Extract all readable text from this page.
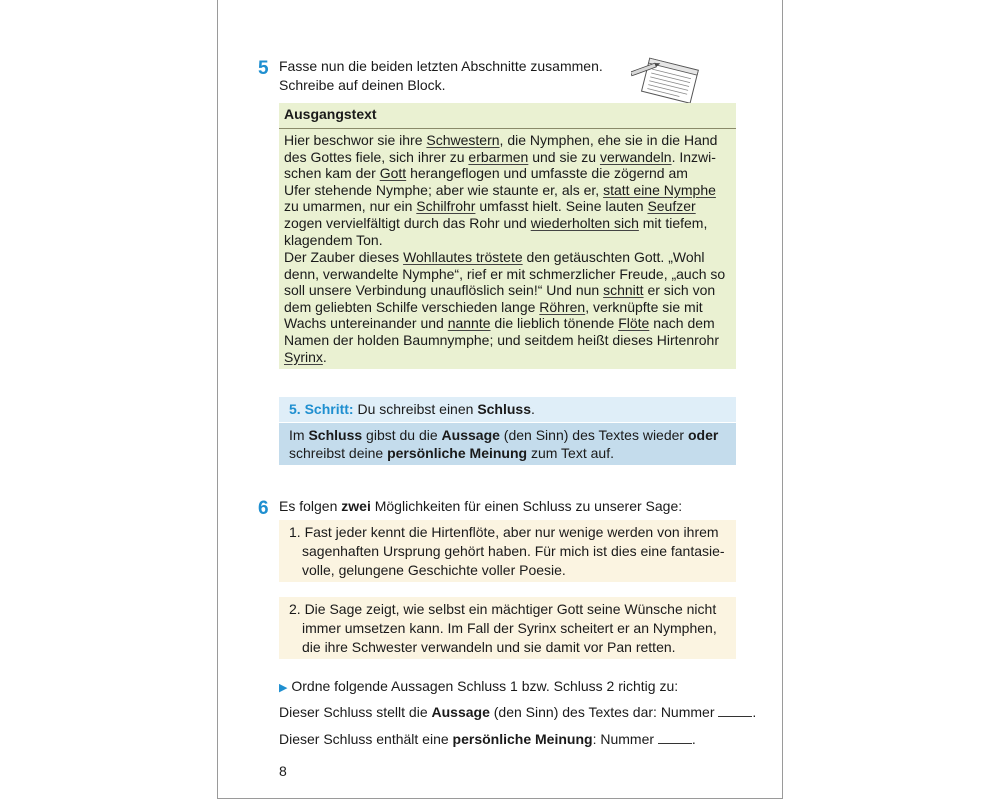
5 Fasse nun die beiden letzten Abschnitte zusammen.
Schreibe auf deinen Block.
Ausgangstext
Hier beschwor sie ihre Schwestern, die Nymphen, ehe sie in die Hand
des Gottes fiele, sich ihrer zu erbarmen und sie zu verwandeln. Inzwi-
schen kam der Gott herangeflogen und umfasste die zögernd am
Ufer stehende Nymphe; aber wie staunte er, als er, statt eine Nymphe
zu umarmen, nur ein Schilfrohr umfasst hielt. Seine lauten Seufzer
zogen vervielfältigt durch das Rohr und wiederholten sich mit tiefem,
klagendem Ton.
Der Zauber dieses Wohllautes tröstete den getäuschten Gott. „Wohl
denn, verwandelte Nymphe“, rief er mit schmerzlicher Freude, „auch so
soll unsere Verbindung unauflöslich sein!“ Und nun schnitt er sich von
dem geliebten Schilfe verschieden lange Röhren, verknüpfte sie mit
Wachs untereinander und nannte die lieblich tönende Flöte nach dem
Namen der holden Baumnymphe; und seitdem heißt dieses Hirtenrohr
Syrinx.
5. Schritt: Du schreibst einen Schluss.
Im Schluss gibst du die Aussage (den Sinn) des Textes wieder oder
schreibst deine persönliche Meinung zum Text auf.
6 Es folgen zwei Möglichkeiten für einen Schluss zu unserer Sage:
1. Fast jeder kennt die Hirtenflöte, aber nur wenige werden von ihrem
sagenhaften Ursprung gehört haben. Für mich ist dies eine fantasie-
volle, gelungene Geschichte voller Poesie.
2. Die Sage zeigt, wie selbst ein mächtiger Gott seine Wünsche nicht
immer umsetzen kann. Im Fall der Syrinx scheitert er an Nymphen,
die ihre Schwester verwandeln und sie damit vor Pan retten.
▶ Ordne folgende Aussagen Schluss 1 bzw. Schluss 2 richtig zu:
Dieser Schluss stellt die Aussage (den Sinn) des Textes dar: Nummer .
Dieser Schluss enthält eine persönliche Meinung: Nummer .
8
